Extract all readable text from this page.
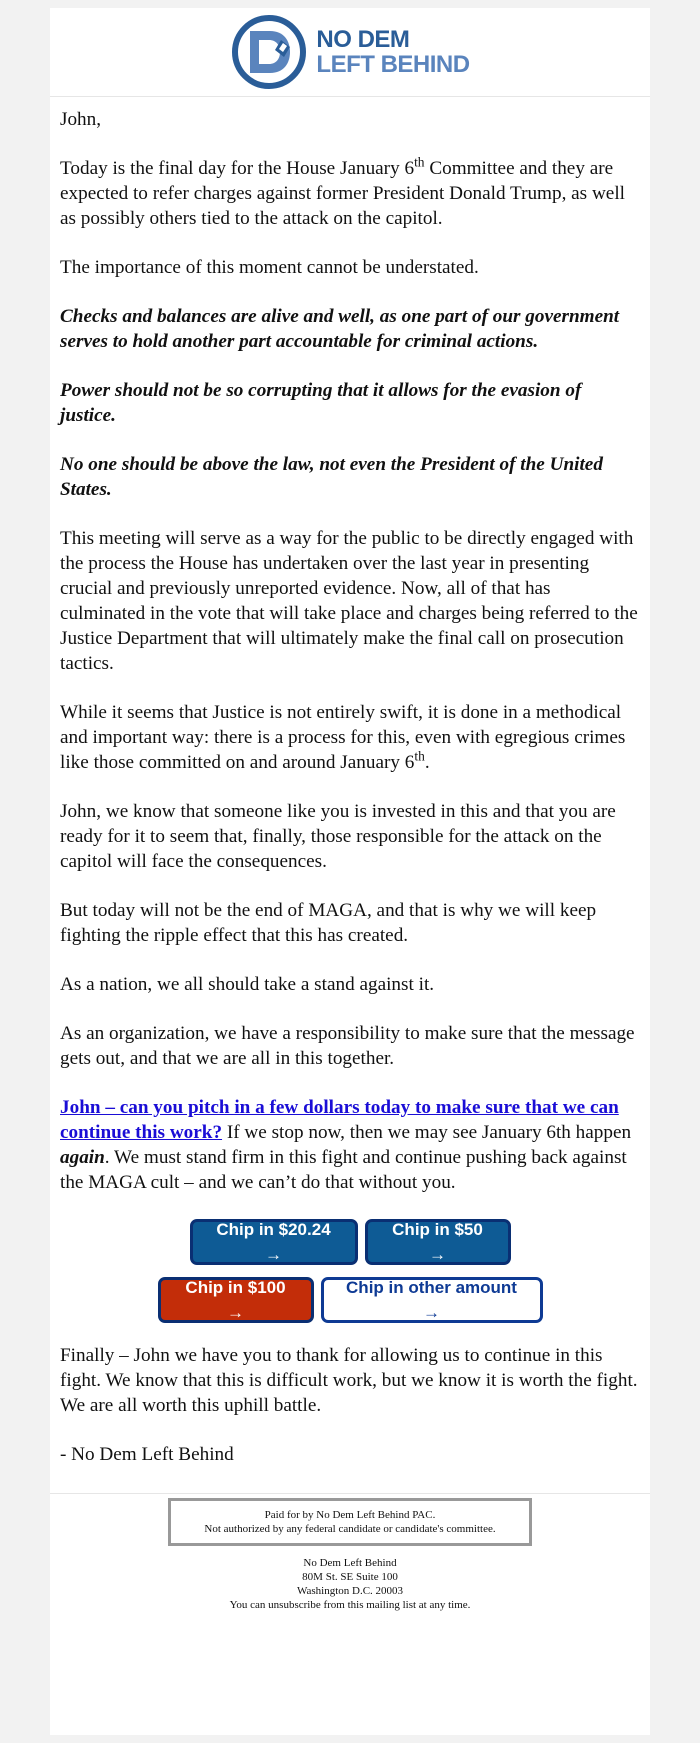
NO DEM
LEFT BEHIND

John,

Today is the final day for the House January 6th Committee and they are expected to refer charges against former President Donald Trump, as well as possibly others tied to the attack on the capitol.

The importance of this moment cannot be understated.

Checks and balances are alive and well, as one part of our government serves to hold another part accountable for criminal actions.

Power should not be so corrupting that it allows for the evasion of justice.

No one should be above the law, not even the President of the United States.

This meeting will serve as a way for the public to be directly engaged with the process the House has undertaken over the last year in presenting crucial and previously unreported evidence. Now, all of that has culminated in the vote that will take place and charges being referred to the Justice Department that will ultimately make the final call on prosecution tactics.

While it seems that Justice is not entirely swift, it is done in a methodical and important way: there is a process for this, even with egregious crimes like those committed on and around January 6th.

John, we know that someone like you is invested in this and that you are ready for it to seem that, finally, those responsible for the attack on the capitol will face the consequences.

But today will not be the end of MAGA, and that is why we will keep fighting the ripple effect that this has created.

As a nation, we all should take a stand against it.

As an organization, we have a responsibility to make sure that the message gets out, and that we are all in this together.

John – can you pitch in a few dollars today to make sure that we can continue this work? If we stop now, then we may see January 6th happen again. We must stand firm in this fight and continue pushing back against the MAGA cult – and we can’t do that without you.

Chip in $20.24 →
Chip in $50 →
Chip in $100 →
Chip in other amount →

Finally – John we have you to thank for allowing us to continue in this fight. We know that this is difficult work, but we know it is worth the fight. We are all worth this uphill battle.

- No Dem Left Behind

Paid for by No Dem Left Behind PAC.
Not authorized by any federal candidate or candidate's committee.
No Dem Left Behind
80M St. SE Suite 100
Washington D.C. 20003
You can unsubscribe from this mailing list at any time.
